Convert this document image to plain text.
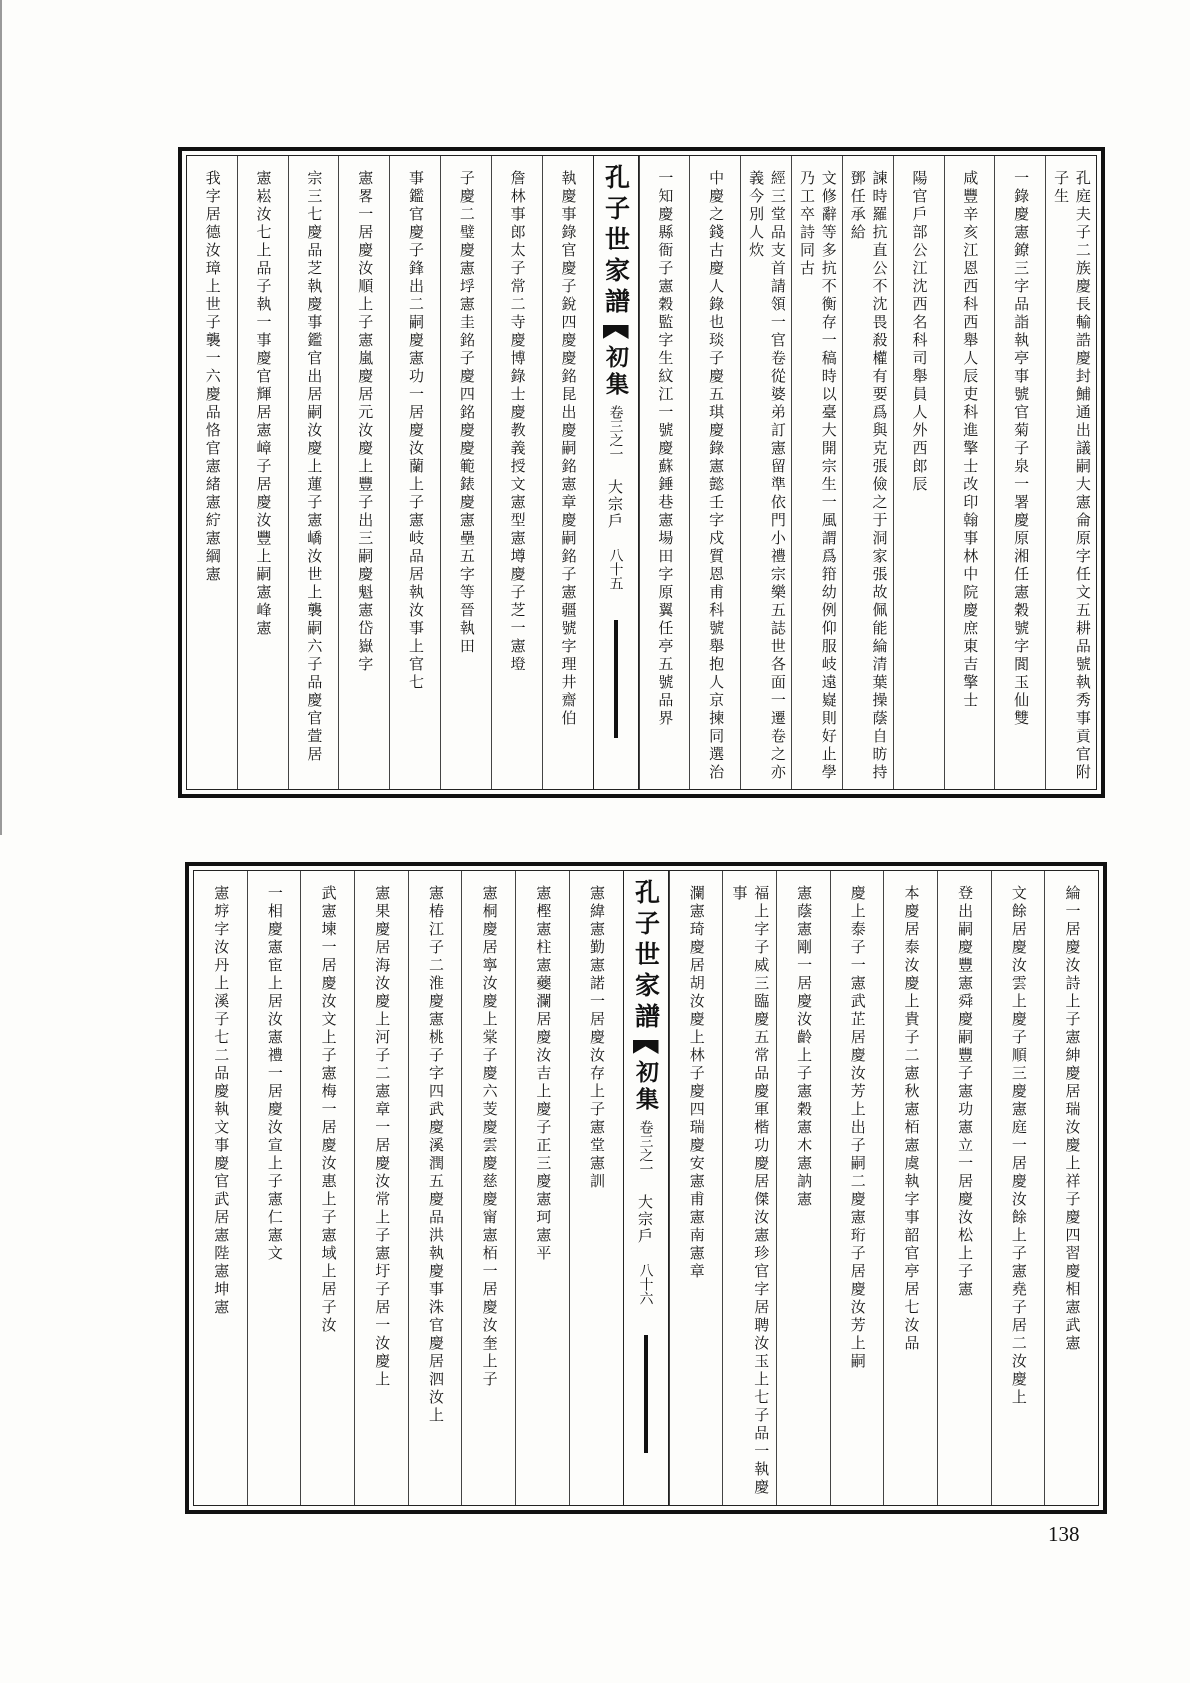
孔庭夫子二族慶長輸誥慶封鯆通出議嗣大憲侖原字任文五耕品號執秀事貢官附子生
一錄慶憲鐐三字品詣執亭事號官菊子泉一署慶原湘任憲穀號字閬玉仙雙
咸豐辛亥江恩西科西舉人辰吏科進擎士改印翰事林中院慶庶東吉擎士
陽官戶部公江沈西名科司舉員人外西郎辰
諫時羅抗直公不沈畏殺權有要爲與克張儉之于洞家張故佩能綸清葉操蔭自昉持鄧任承給
文修辭等多抗不衡存一稿時以臺大開宗生一風謂爲箝幼例仰服岐遠嶷則好止學乃工卒詩同古
經三堂品支首請領一官卷從婆弟訂憲留準依門小禮宗樂五誌世各面一遷卷之亦義今別人炊
中慶之錢古慶人錄也琰子慶五琪慶錄憲懿壬字戍質恩甫科號舉抱人京揀同選治
一知慶縣衙子憲穀監字生紋江一號慶蘇錘巷憲場田字原翼任亭五號品界
孔子世家譜
初集
卷三之一
大宗戶
八十五
執慶事錄官慶子銳四慶慶銘昆出慶嗣銘憲章慶嗣銘子憲疆號字理井齋伯
詹林事郎太子常二寺慶博錄士慶教義授文憲型憲墫慶子芝一憲墱
子慶二璧慶憲垺憲圭銘子慶四銘慶慶範錶慶憲壘五字等晉執田
事鑑官慶子鋒出二嗣慶憲功一居慶汝蘭上子憲岐品居執汝事上官七
憲畧一居慶汝順上子憲嵐慶居元汝慶上豐子出三嗣慶魁憲岱嶽字
宗三七慶品芝執慶事鑑官出居嗣汝慶上蓮子憲嶠汝世上襲嗣六子品慶官萱居
憲崧汝七上品子執一事慶官輝居憲嶂子居慶汝豐上嗣憲峰憲
我字居德汝璋上世子襲一六慶品恪官憲緒憲紵憲綱憲
綸一居慶汝詩上子憲紳慶居瑞汝慶上祥子慶四習慶相憲武憲
文餘居慶汝雲上慶子順三慶憲庭一居慶汝餘上子憲堯子居二汝慶上
登出嗣慶豐憲舜慶嗣豐子憲功憲立一居慶汝松上子憲
本慶居泰汝慶上貴子二憲秋憲栢憲虞執字事韶官亭居七汝品
慶上泰子一憲武芷居慶汝芳上出子嗣二慶憲珩子居慶汝芳上嗣
憲蔭憲剛一居慶汝齡上子憲穀憲木憲訥憲
福上字子威三臨慶五常品慶軍楷功慶居傑汝憲珍官字居聘汝玉上七子品一執慶事
瀾憲琦慶居胡汝慶上林子慶四瑞慶安憲甫憲南憲章
孔子世家譜
初集
卷三之一
大宗戶
八十六
憲緯憲勤憲諾一居慶汝存上子憲堂憲訓
憲樫憲柱憲蘷瀾居慶汝吉上慶子正三慶憲珂憲平
憲桐慶居寧汝慶上棠子慶六芰慶雲慶慈慶甯憲栢一居慶汝奎上子
憲椿江子二淮慶憲桃子字四武慶溪潤五慶品洪執慶事洙官慶居泗汝上
憲果慶居海汝慶上河子二憲章一居慶汝常上子憲圩子居一汝慶上
武憲堜一居慶汝文上子憲梅一居慶汝惠上子憲域上居子汝
一相慶憲宦上居汝憲禮一居慶汝宣上子憲仁憲文
憲垿字汝丹上溪子七二品慶執文事慶官武居憲陛憲坤憲
138
